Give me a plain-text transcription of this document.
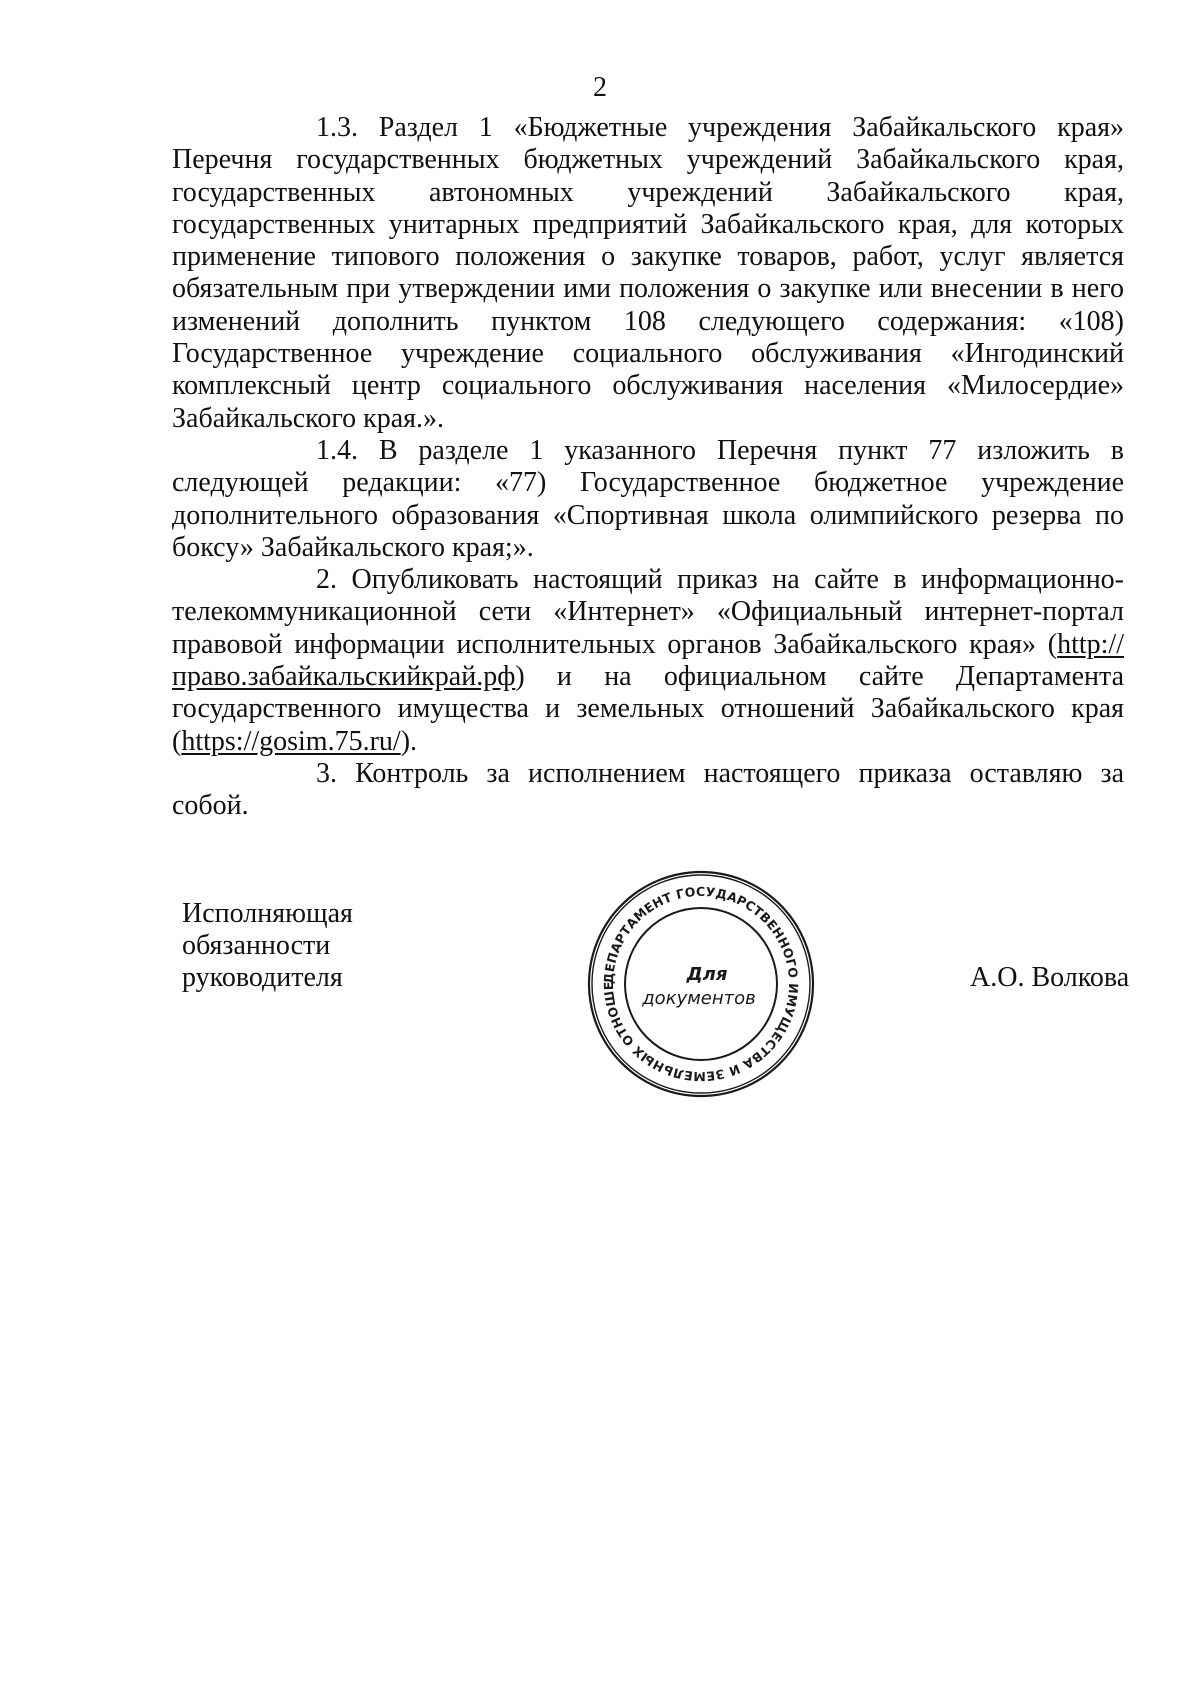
2

1.3. Раздел 1 «Бюджетные учреждения Забайкальского края» Перечня государственных бюджетных учреждений Забайкальского края, государственных автономных учреждений Забайкальского края, государственных унитарных предприятий Забайкальского края, для которых применение типового положения о закупке товаров, работ, услуг является обязательным при утверждении ими положения о закупке или внесении в него изменений дополнить пунктом 108 следующего содержания: «108) Государственное учреждение социального обслуживания «Ингодинский комплексный центр социального обслуживания населения «Милосердие» Забайкальского края.».

1.4. В разделе 1 указанного Перечня пункт 77 изложить в следующей редакции: «77) Государственное бюджетное учреждение дополнительного образования «Спортивная школа олимпийского резерва по боксу» Забайкальского края;».

2. Опубликовать настоящий приказ на сайте в информационно-телекоммуникационной сети «Интернет» «Официальный интернет-портал правовой информации исполнительных органов Забайкальского края» (http://право.забайкальскийкрай.рф) и на официальном сайте Департамента государственного имущества и земельных отношений Забайкальского края (https://gosim.75.ru/).

3. Контроль за исполнением настоящего приказа оставляю за собой.

Исполняющая
обязанности
руководителя	ДЕПАРТАМЕНТ ГОСУДАРСТВЕННОГО ИМУЩЕСТВА И ЗЕМЕЛЬНЫХ ОТНОШЕ
Для
документов
А.О. Волкова
